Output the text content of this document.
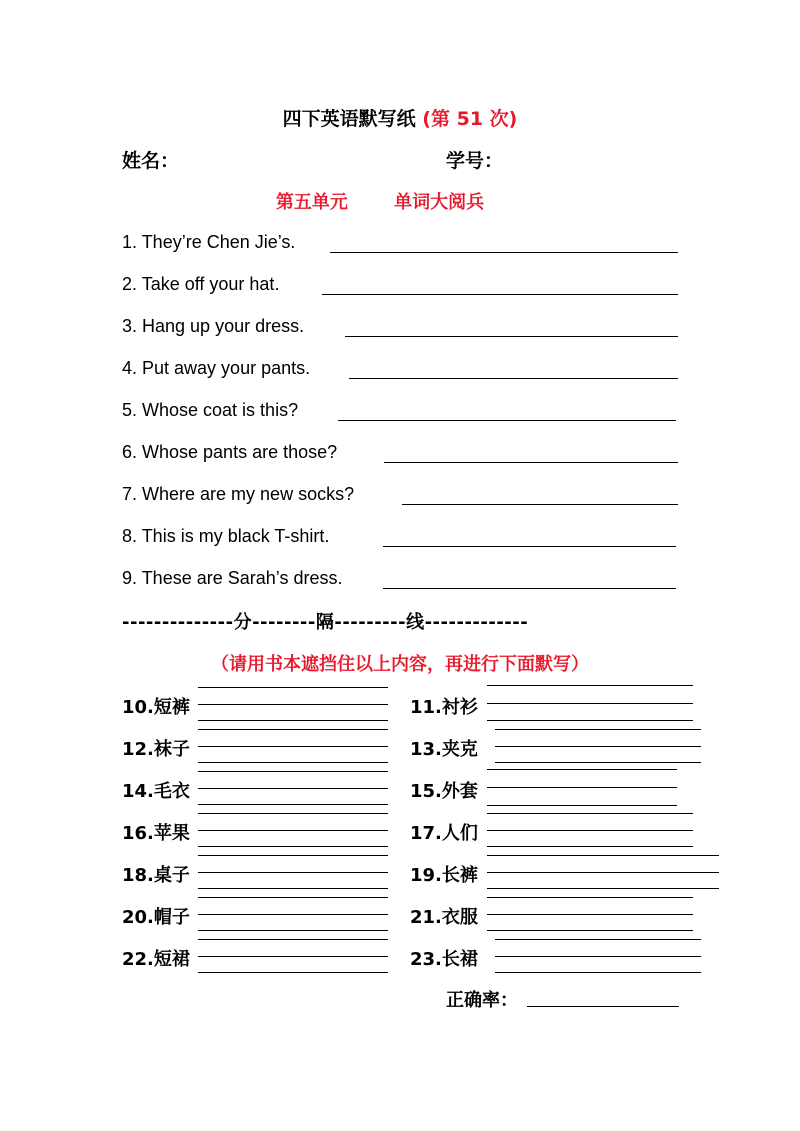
四下英语默写纸 (第 51 次)
姓名：	学号：
第五单元	单词大阅兵
1. They’re Chen Jie’s.
2. Take off your hat.
3. Hang up your dress.
4. Put away your pants.
5. Whose coat is this?
6. Whose pants are those?
7. Where are my new socks?
8. This is my black T-shirt.
9. These are Sarah’s dress.
--------------分--------隔---------线-------------
（请用书本遮挡住以上内容，再进行下面默写）
10.短裤	11.衬衫
12.袜子	13.夹克
14.毛衣	15.外套
16.苹果	17.人们
18.桌子	19.长裤
20.帽子	21.衣服
22.短裙	23.长裙
正确率：
